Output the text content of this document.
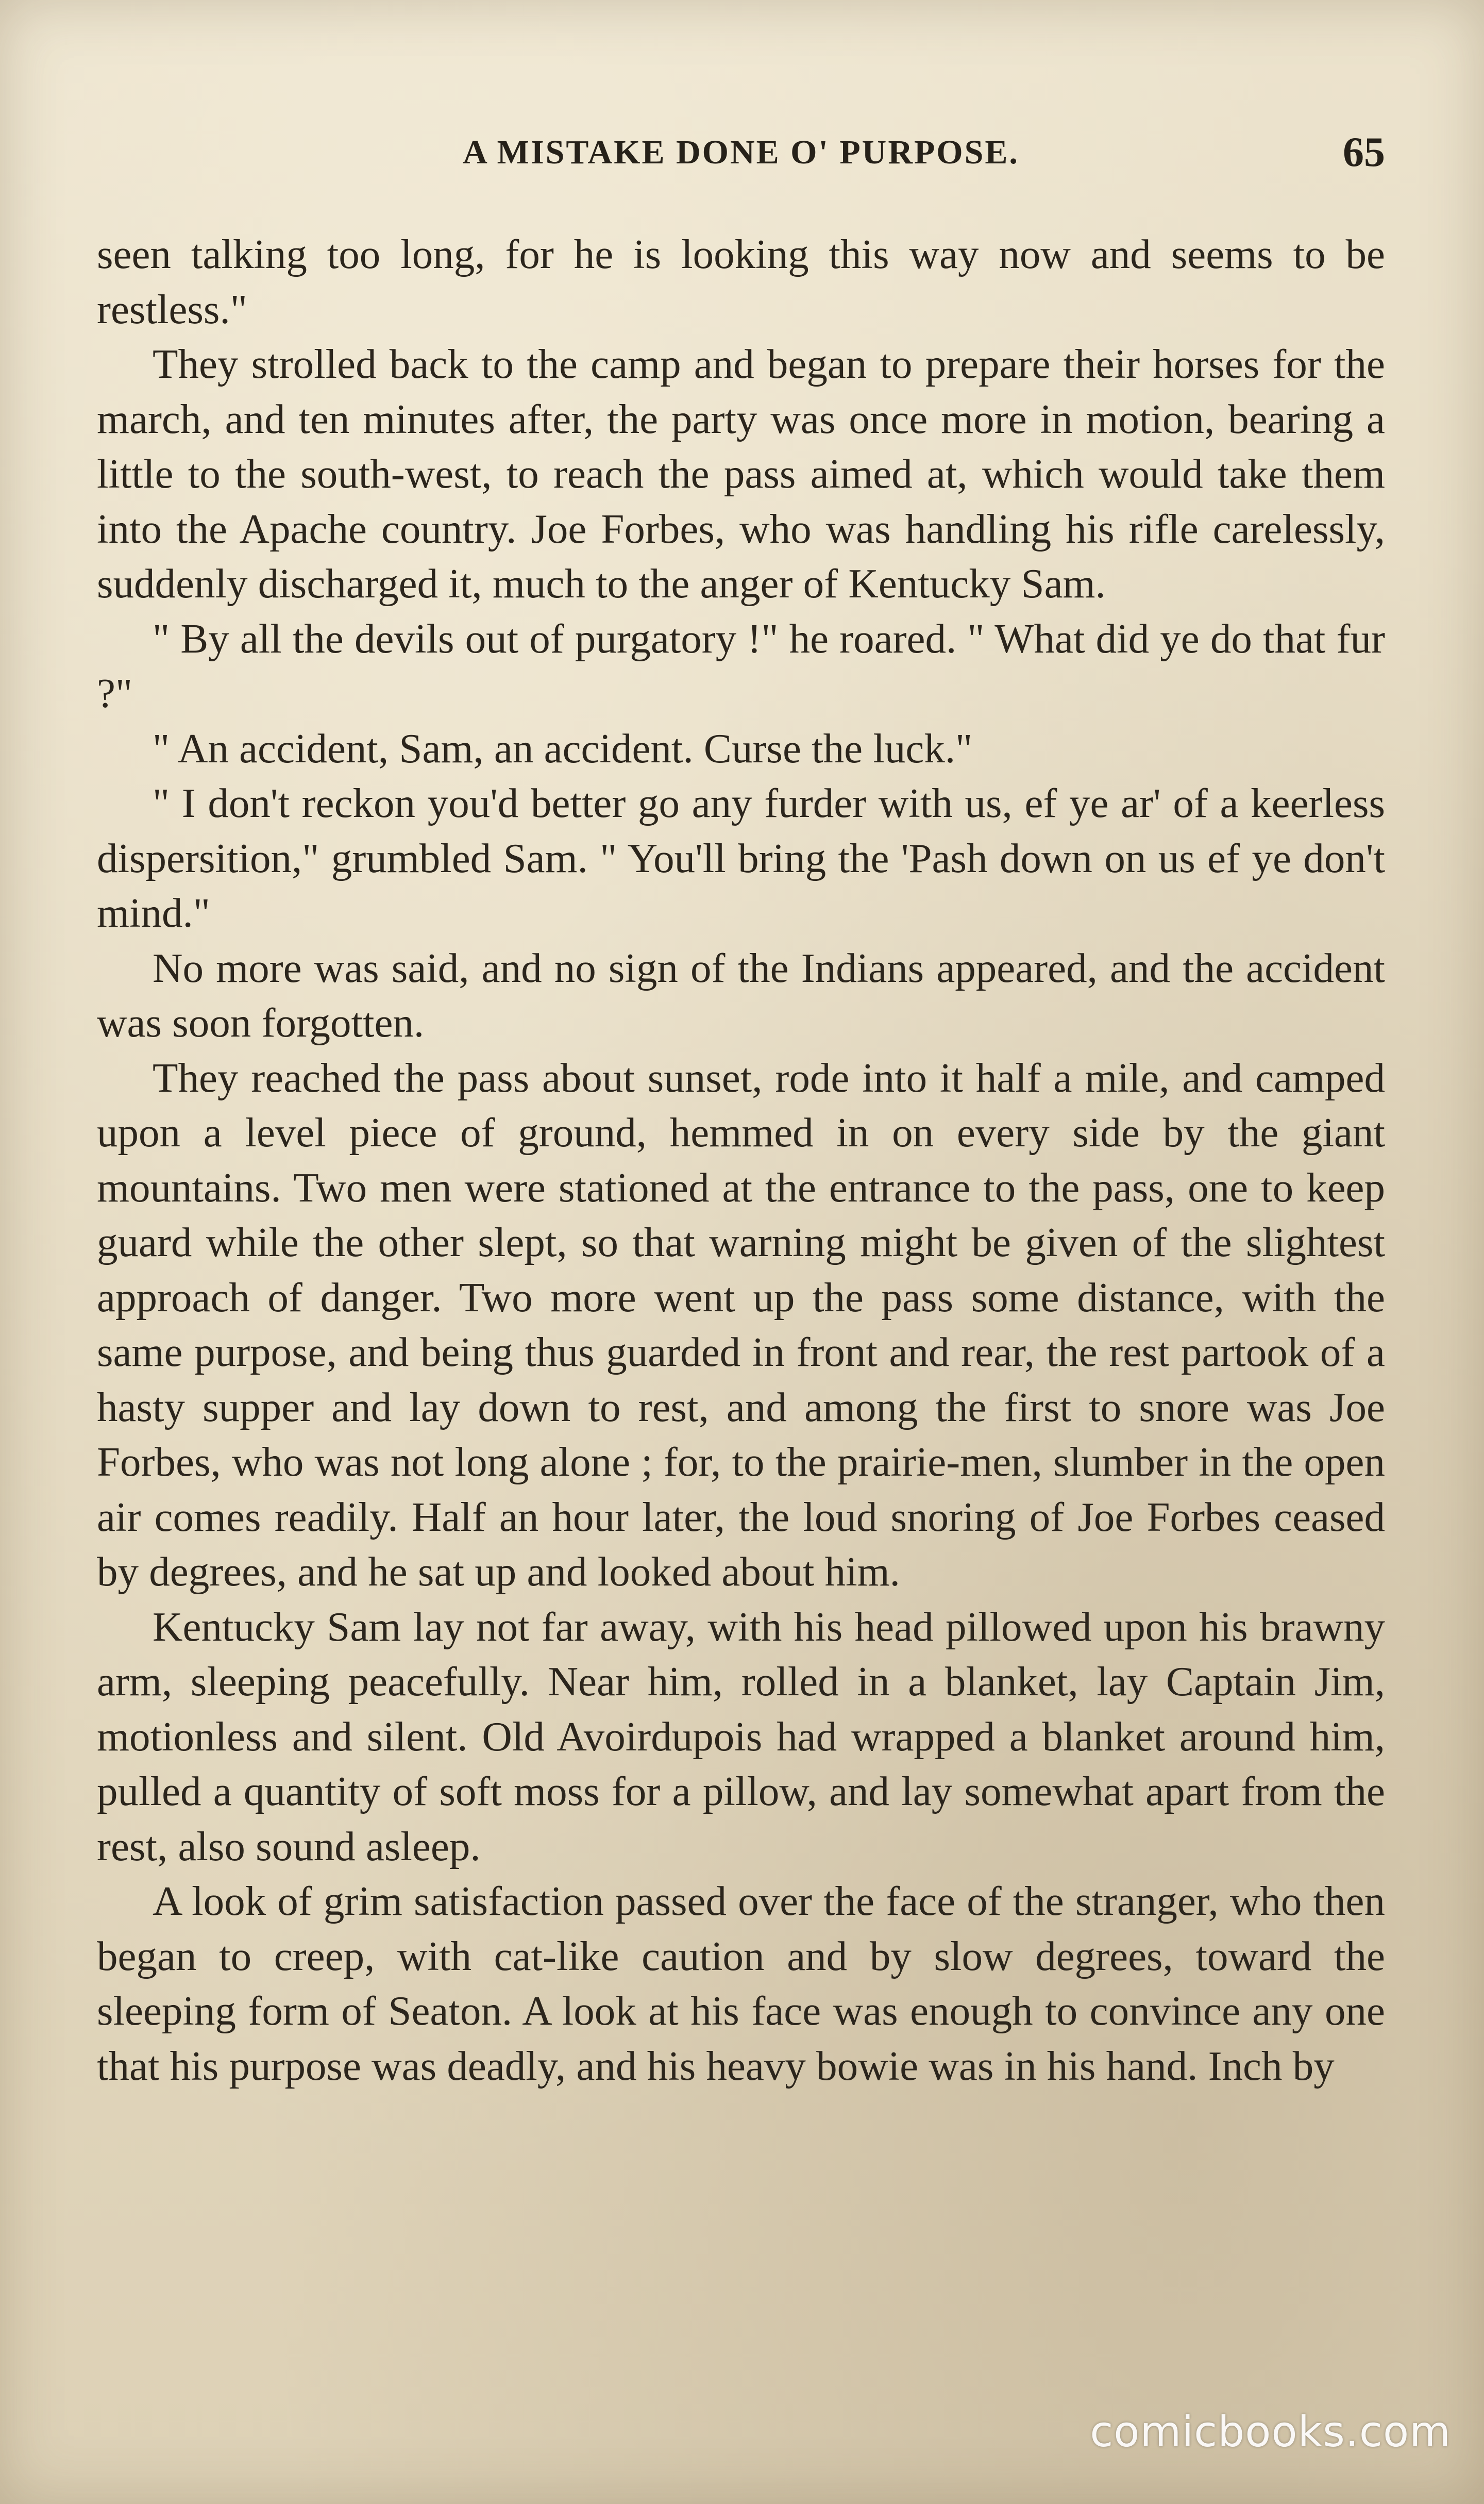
A MISTAKE DONE O' PURPOSE.	65

seen talking too long, for he is looking this way now and seems to be restless."

They strolled back to the camp and began to prepare their horses for the march, and ten minutes after, the party was once more in motion, bearing a little to the south-west, to reach the pass aimed at, which would take them into the Apache country. Joe Forbes, who was handling his rifle carelessly, suddenly discharged it, much to the anger of Kentucky Sam.

" By all the devils out of purgatory !" he roared. " What did ye do that fur ?"

" An accident, Sam, an accident. Curse the luck."

" I don't reckon you'd better go any furder with us, ef ye ar' of a keerless dispersition," grumbled Sam. " You'll bring the 'Pash down on us ef ye don't mind."

No more was said, and no sign of the Indians appeared, and the accident was soon forgotten.

They reached the pass about sunset, rode into it half a mile, and camped upon a level piece of ground, hemmed in on every side by the giant mountains. Two men were stationed at the entrance to the pass, one to keep guard while the other slept, so that warning might be given of the slightest approach of danger. Two more went up the pass some distance, with the same purpose, and being thus guarded in front and rear, the rest partook of a hasty supper and lay down to rest, and among the first to snore was Joe Forbes, who was not long alone ; for, to the prairie-men, slumber in the open air comes readily. Half an hour later, the loud snoring of Joe Forbes ceased by degrees, and he sat up and looked about him.

Kentucky Sam lay not far away, with his head pillowed upon his brawny arm, sleeping peacefully. Near him, rolled in a blanket, lay Captain Jim, motionless and silent. Old Avoirdupois had wrapped a blanket around him, pulled a quantity of soft moss for a pillow, and lay somewhat apart from the rest, also sound asleep.

A look of grim satisfaction passed over the face of the stranger, who then began to creep, with cat-like caution and by slow degrees, toward the sleeping form of Seaton. A look at his face was enough to convince any one that his purpose was deadly, and his heavy bowie was in his hand. Inch by

comicbooks.com
